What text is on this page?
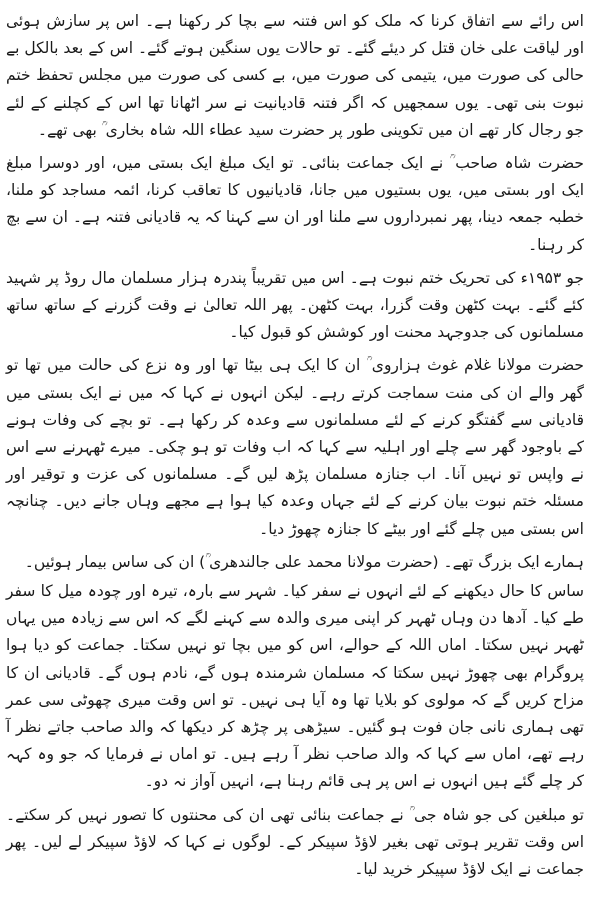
اس رائے سے اتفاق کرنا کہ ملک کو اس فتنہ سے بچا کر رکھنا ہے۔ اس پر سازش ہوئی اور لیاقت علی خان قتل کر دیئے گئے۔ تو حالات یوں سنگین ہوتے گئے۔ اس کے بعد بالکل بے حالی کی صورت میں، یتیمی کی صورت میں، بے کسی کی صورت میں مجلس تحفظ ختم نبوت بنی تھی۔ یوں سمجھیں کہ اگر فتنہ قادیانیت نے سر اٹھانا تھا اس کے کچلنے کے لئے جو رجال کار تھے ان میں تکوینی طور پر حضرت سید عطاء اللہ شاہ بخاری ؒ بھی تھے۔

حضرت شاہ صاحب ؒ نے ایک جماعت بنائی۔ تو ایک مبلغ ایک بستی میں، اور دوسرا مبلغ ایک اور بستی میں، یوں بستیوں میں جانا، قادیانیوں کا تعاقب کرنا، ائمہ مساجد کو ملنا، خطبہ جمعہ دینا، پھر نمبرداروں سے ملنا اور ان سے کہنا کہ یہ قادیانی فتنہ ہے۔ ان سے بچ کر رہنا۔

جو ۱۹۵۳ء کی تحریک ختم نبوت ہے۔ اس میں تقریباً پندرہ ہزار مسلمان مال روڈ پر شہید کئے گئے۔ بہت کٹھن وقت گزرا، بہت کٹھن۔ پھر اللہ تعالیٰ نے وقت گزرنے کے ساتھ ساتھ مسلمانوں کی جدوجہد محنت اور کوشش کو قبول کیا۔

حضرت مولانا غلام غوث ہزاروی ؒ ان کا ایک ہی بیٹا تھا اور وہ نزع کی حالت میں تھا تو گھر والے ان کی منت سماجت کرتے رہے۔ لیکن انہوں نے کہا کہ میں نے ایک بستی میں قادیانی سے گفتگو کرنے کے لئے مسلمانوں سے وعدہ کر رکھا ہے۔ تو بچے کی وفات ہونے کے باوجود گھر سے چلے اور اہلیہ سے کہا کہ اب وفات تو ہو چکی۔ میرے ٹھہرنے سے اس نے واپس تو نہیں آنا۔ اب جنازہ مسلمان پڑھ لیں گے۔ مسلمانوں کی عزت و توقیر اور مسئلہ ختم نبوت بیان کرنے کے لئے جہاں وعدہ کیا ہوا ہے مجھے وہاں جانے دیں۔ چنانچہ اس بستی میں چلے گئے اور بیٹے کا جنازہ چھوڑ دیا۔

ہمارے ایک بزرگ تھے۔ (حضرت مولانا محمد علی جالندھری ؒ) ان کی ساس بیمار ہوئیں۔

ساس کا حال دیکھنے کے لئے انہوں نے سفر کیا۔ شہر سے بارہ، تیرہ اور چودہ میل کا سفر طے کیا۔ آدھا دن وہاں ٹھہر کر اپنی میری والدہ سے کہنے لگے کہ اس سے زیادہ میں یہاں ٹھہر نہیں سکتا۔ اماں اللہ کے حوالے، اس کو میں بچا تو نہیں سکتا۔ جماعت کو دیا ہوا پروگرام بھی چھوڑ نہیں سکتا کہ مسلمان شرمندہ ہوں گے، نادم ہوں گے۔ قادیانی ان کا مزاح کریں گے کہ مولوی کو بلایا تھا وہ آیا ہی نہیں۔ تو اس وقت میری چھوٹی سی عمر تھی ہماری نانی جان فوت ہو گئیں۔ سیڑھی پر چڑھ کر دیکھا کہ والد صاحب جاتے نظر آ رہے تھے، اماں سے کہا کہ والد صاحب نظر آ رہے ہیں۔ تو اماں نے فرمایا کہ جو وہ کہہ کر چلے گئے ہیں انہوں نے اس پر ہی قائم رہنا ہے، انہیں آواز نہ دو۔

تو مبلغین کی جو شاہ جی ؒ نے جماعت بنائی تھی ان کی محنتوں کا تصور نہیں کر سکتے۔ اس وقت تقریر ہوتی تھی بغیر لاؤڈ سپیکر کے۔ لوگوں نے کہا کہ لاؤڈ سپیکر لے لیں۔ پھر جماعت نے ایک لاؤڈ سپیکر خرید لیا۔
